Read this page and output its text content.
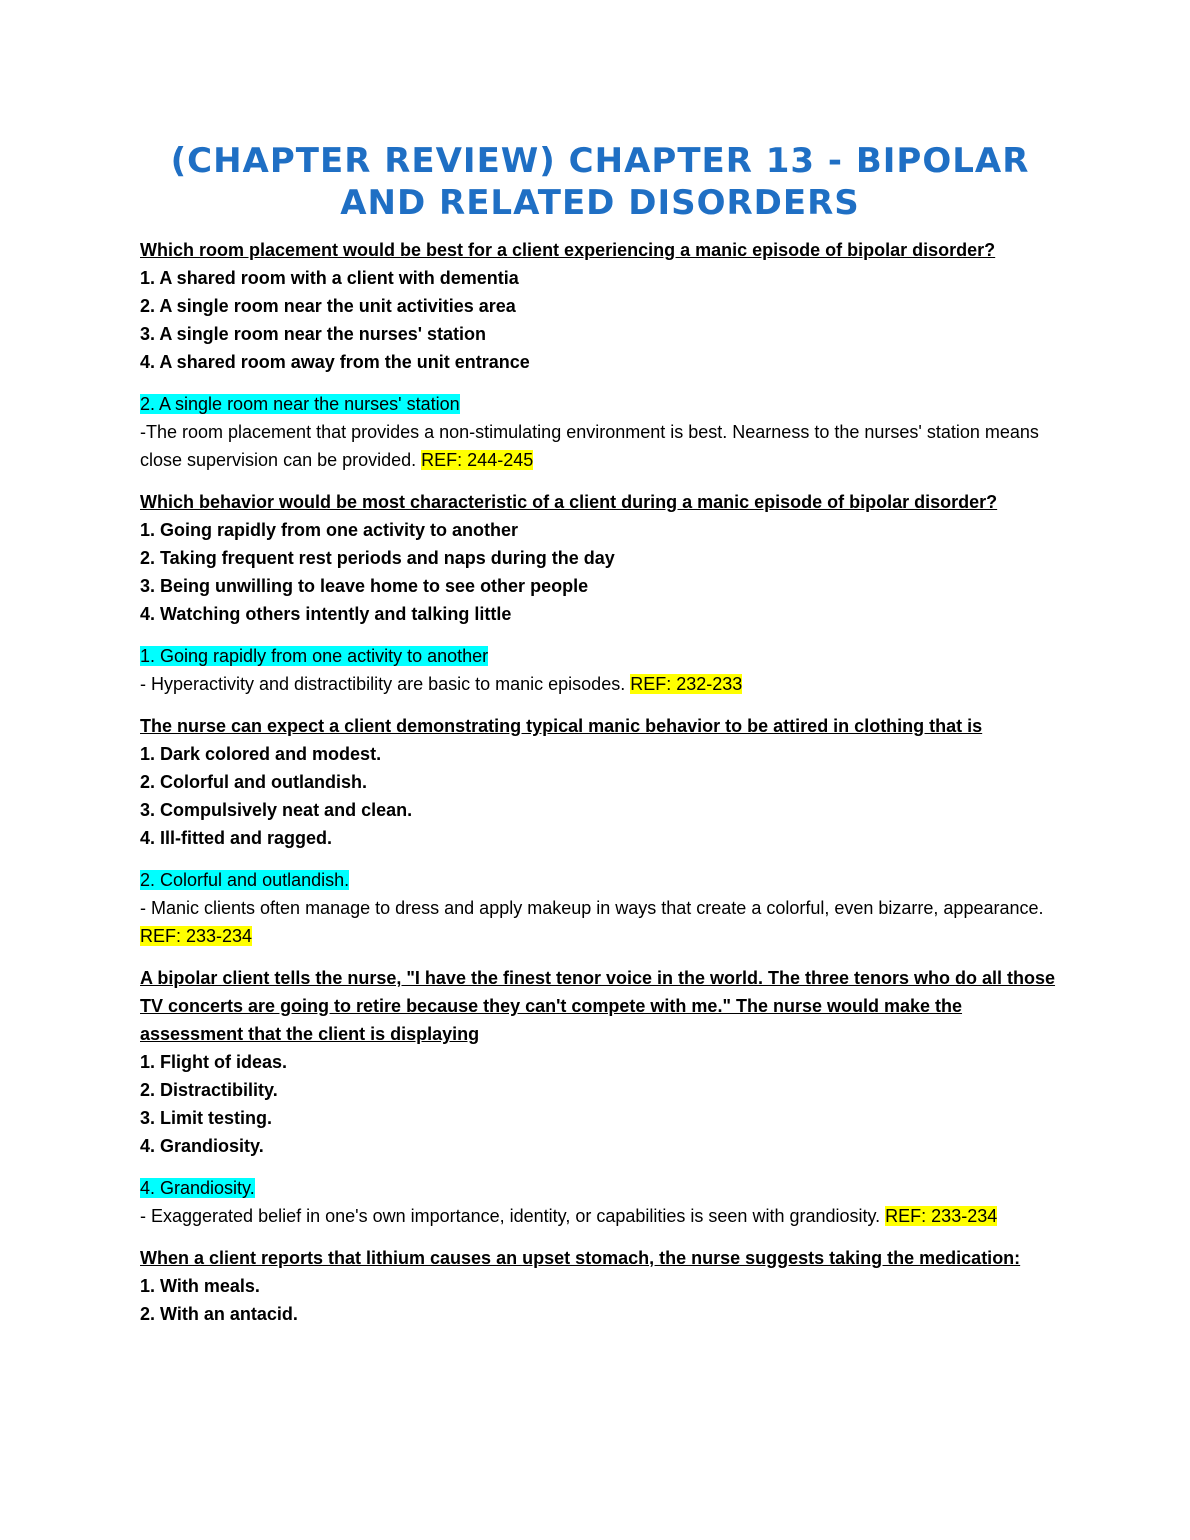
(CHAPTER REVIEW) CHAPTER 13 - BIPOLAR
AND RELATED DISORDERS

Which room placement would be best for a client experiencing a manic episode of bipolar disorder?

1. A shared room with a client with dementia

2. A single room near the unit activities area

3. A single room near the nurses' station

4. A shared room away from the unit entrance

2. A single room near the nurses' station

-The room placement that provides a non-stimulating environment is best. Nearness to the nurses' station means close supervision can be provided. REF: 244-245

Which behavior would be most characteristic of a client during a manic episode of bipolar disorder?

1. Going rapidly from one activity to another

2. Taking frequent rest periods and naps during the day

3. Being unwilling to leave home to see other people

4. Watching others intently and talking little

1. Going rapidly from one activity to another

- Hyperactivity and distractibility are basic to manic episodes. REF: 232-233

The nurse can expect a client demonstrating typical manic behavior to be attired in clothing that is

1. Dark colored and modest.

2. Colorful and outlandish.

3. Compulsively neat and clean.

4. Ill-fitted and ragged.

2. Colorful and outlandish.

- Manic clients often manage to dress and apply makeup in ways that create a colorful, even bizarre, appearance. REF: 233-234

A bipolar client tells the nurse, "I have the finest tenor voice in the world. The three tenors who do all those TV concerts are going to retire because they can't compete with me." The nurse would make the assessment that the client is displaying

1. Flight of ideas.

2. Distractibility.

3. Limit testing.

4. Grandiosity.

4. Grandiosity.

- Exaggerated belief in one's own importance, identity, or capabilities is seen with grandiosity. REF: 233-234

When a client reports that lithium causes an upset stomach, the nurse suggests taking the medication:

1. With meals.

2. With an antacid.
